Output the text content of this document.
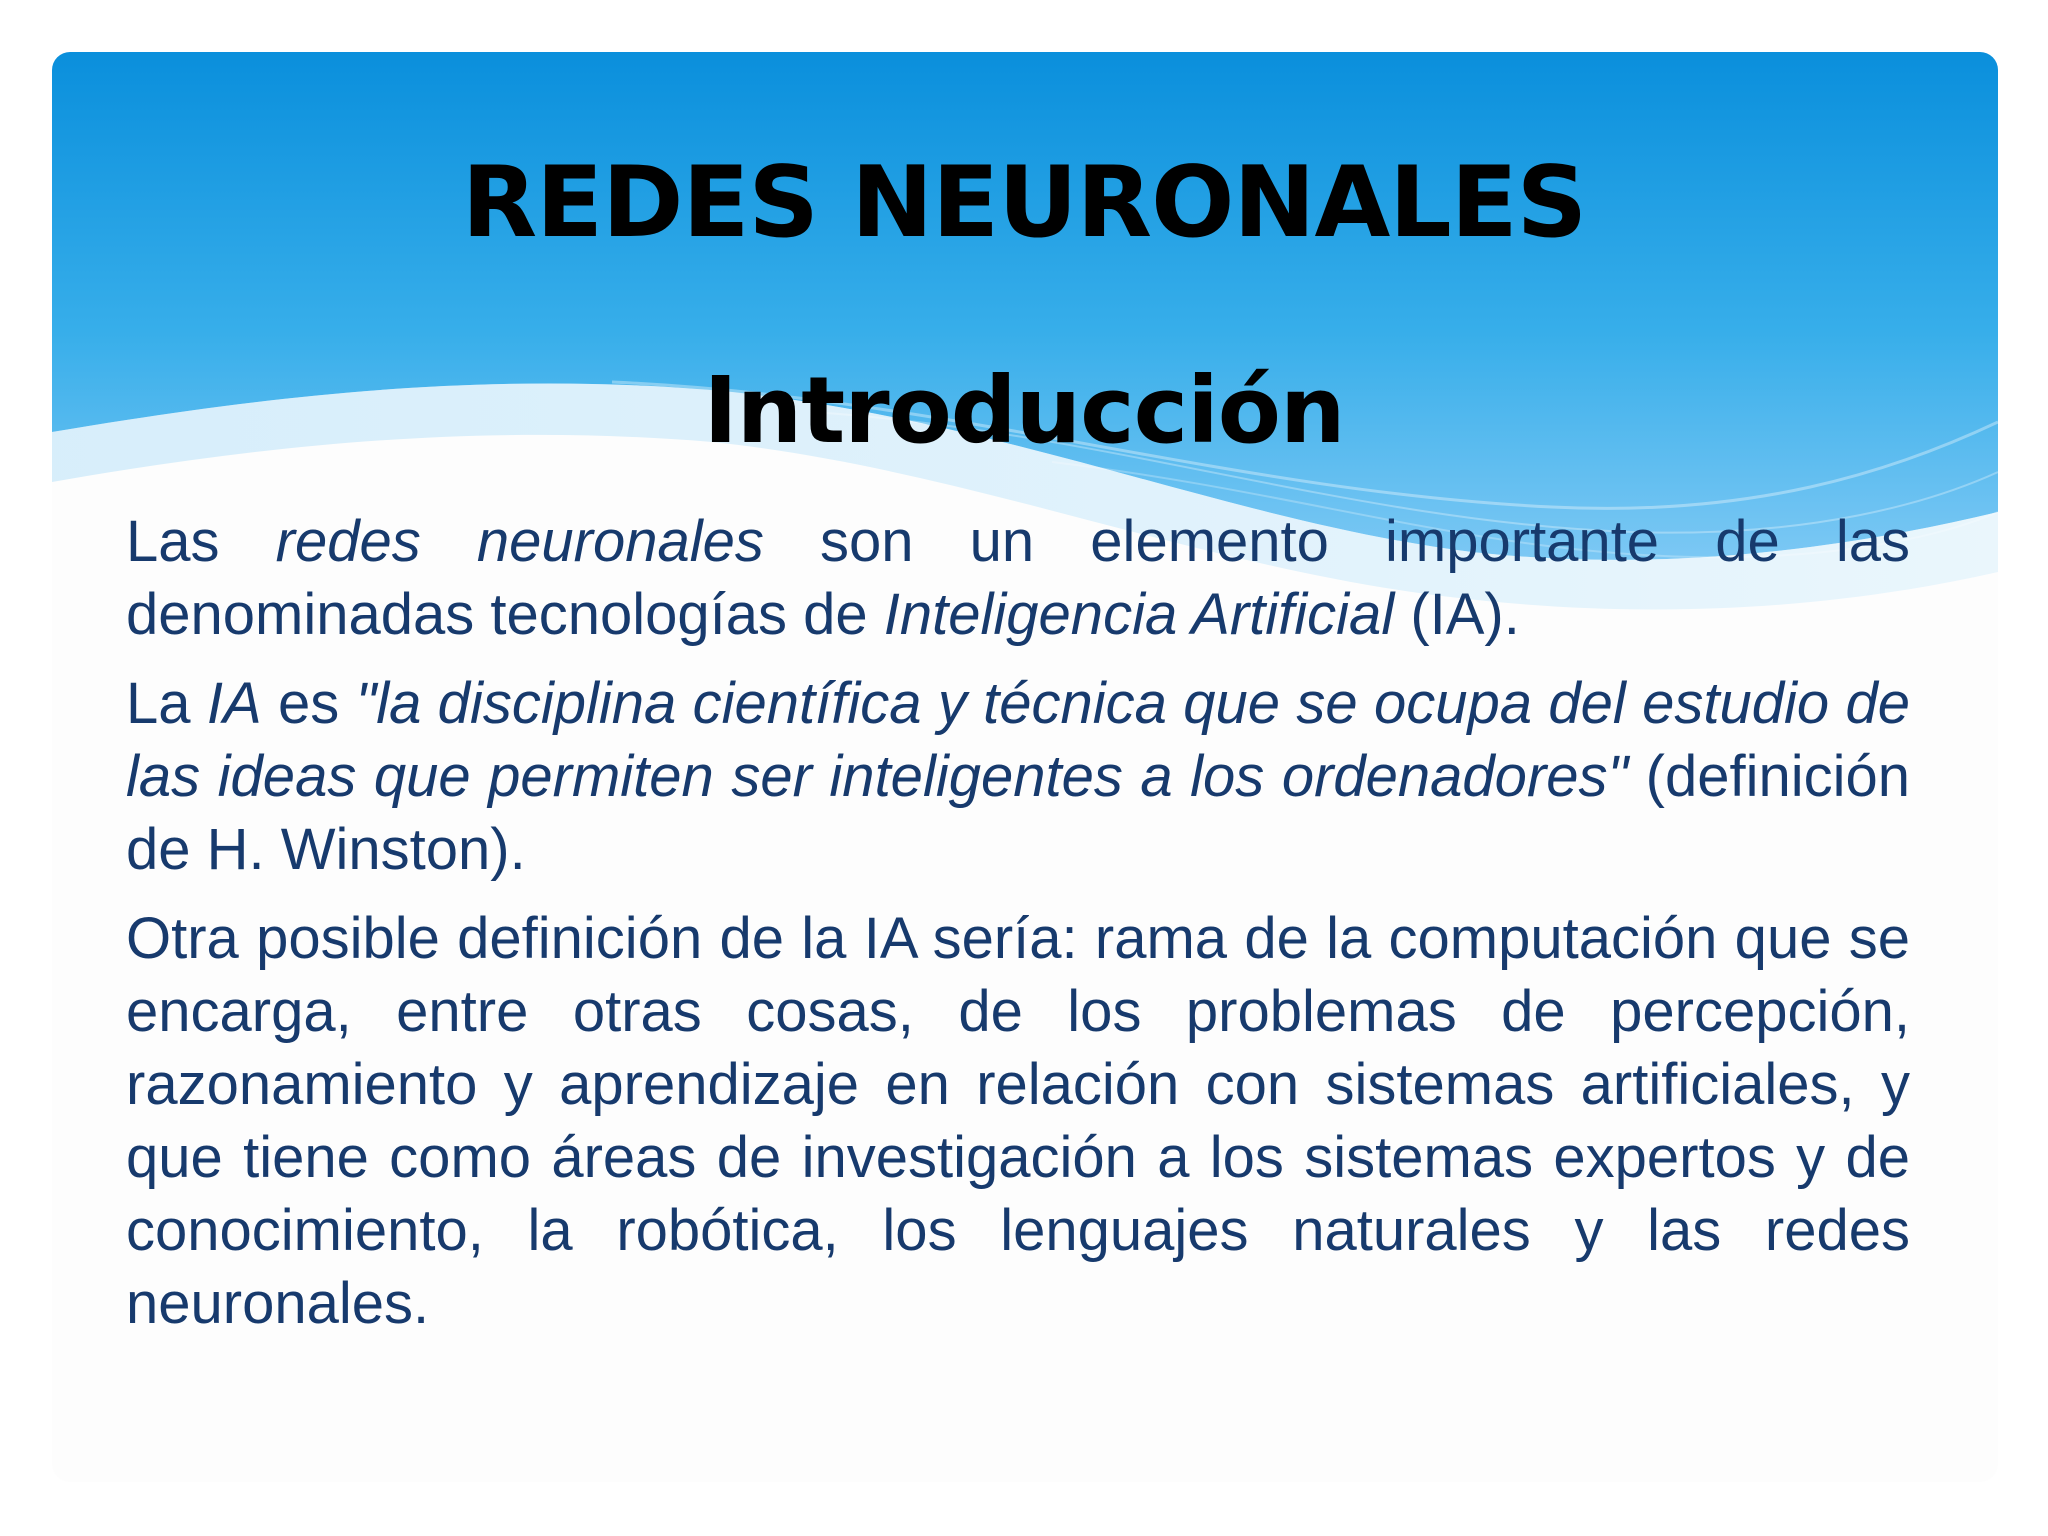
REDES NEURONALES
Introducción

Las redes neuronales son un elemento importante de las denominadas tecnologías de Inteligencia Artificial (IA).

La IA es "la disciplina científica y técnica que se ocupa del estudio de las ideas que permiten ser inteligentes a los ordenadores" (definición de H. Winston).

Otra posible definición de la IA sería: rama de la computación que se encarga, entre otras cosas, de los problemas de percepción, razonamiento y aprendizaje en relación con sistemas artificiales, y que tiene como áreas de investigación a los sistemas expertos y de conocimiento, la robótica, los lenguajes naturales y las redes neuronales.
